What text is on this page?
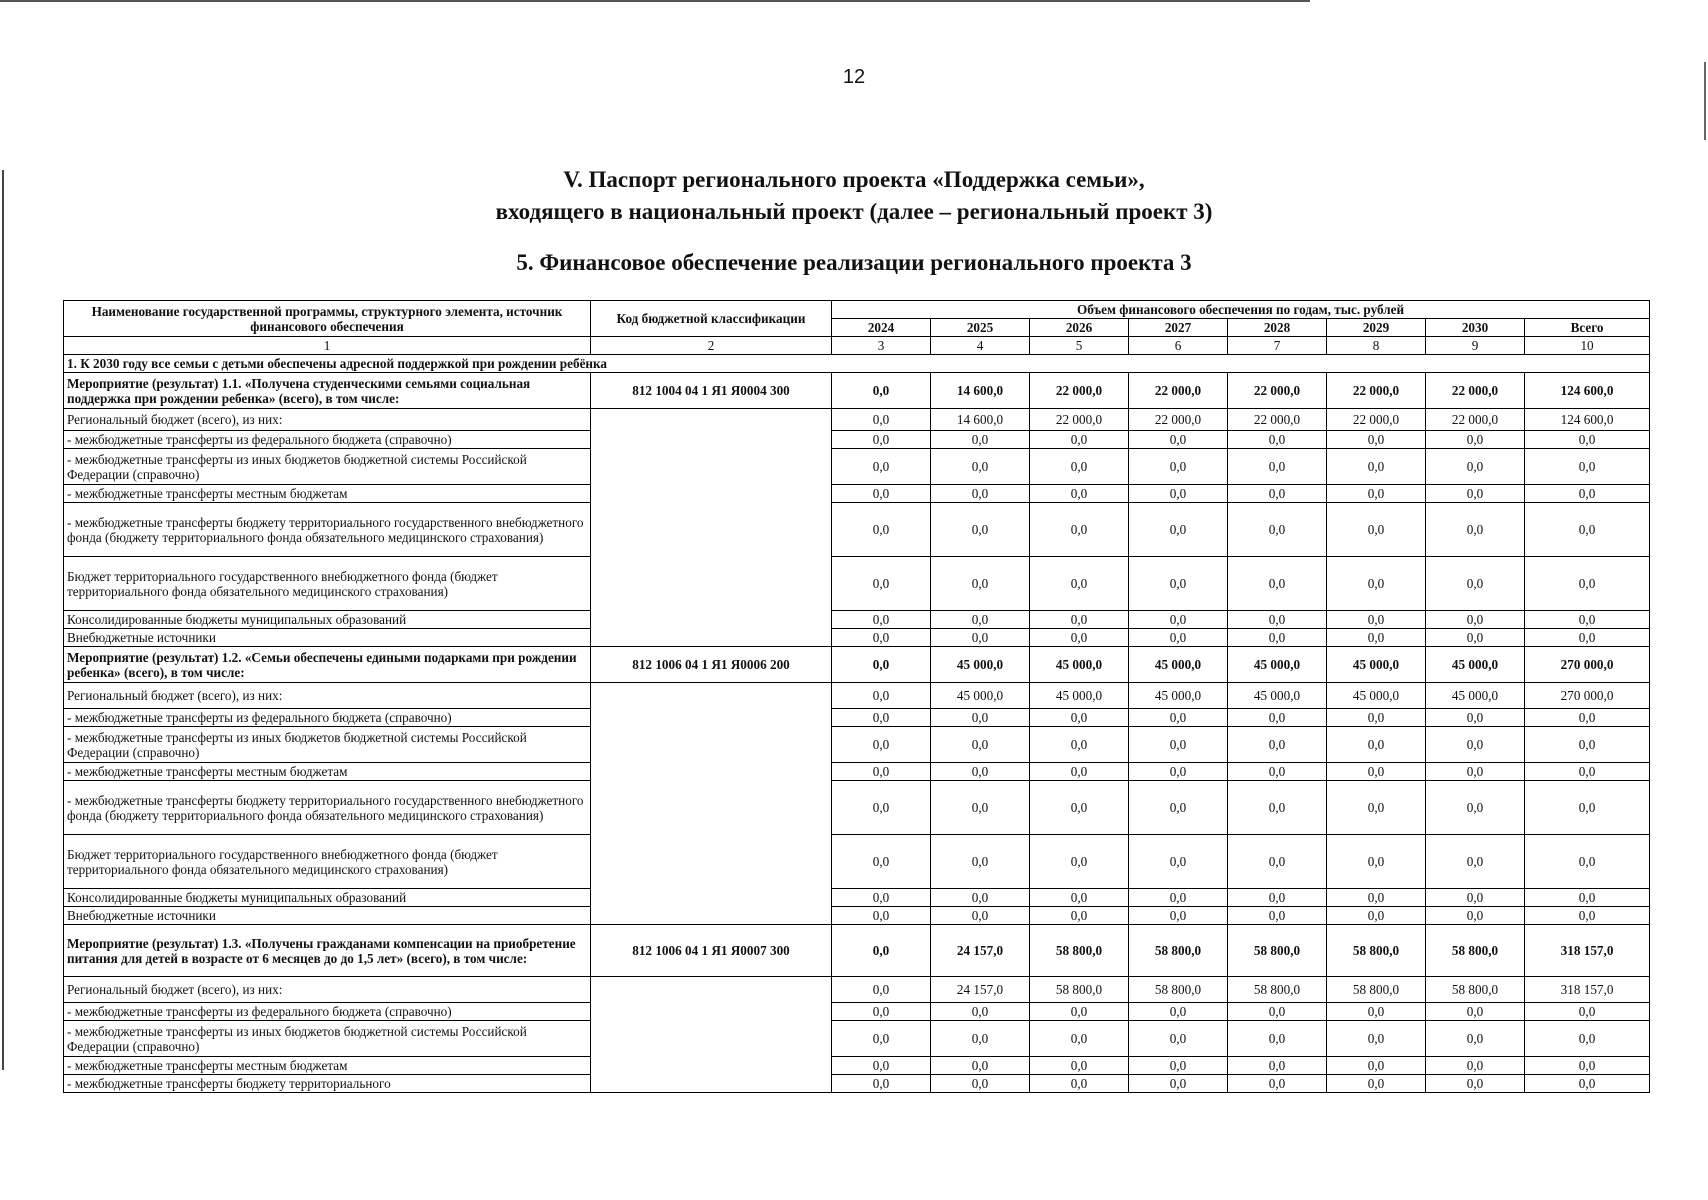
12
V. Паспорт регионального проекта «Поддержка семьи»,
входящего в национальный проект (далее – региональный проект 3)
5. Финансовое обеспечение реализации регионального проекта 3
Наименование государственной программы, структурного элемента, источник финансового обеспечения	Код бюджетной классификации	Объем финансового обеспечения по годам, тыс. рублей							
		2024	2025	2026	2027	2028	2029	2030	Всего
1	2	3	4	5	6	7	8	9	10
1. К 2030 году все семьи с детьми обеспечены адресной поддержкой при рождении ребёнка									
Мероприятие (результат) 1.1. «Получена студенческими семьями социальная поддержка при рождении ребенка» (всего), в том числе:	812 1004 04 1 Я1 Я0004 300	0,0	14 600,0	22 000,0	22 000,0	22 000,0	22 000,0	22 000,0	124 600,0
Региональный бюджет (всего), из них:		0,0	14 600,0	22 000,0	22 000,0	22 000,0	22 000,0	22 000,0	124 600,0
- межбюджетные трансферты из федерального бюджета (справочно)		0,0	0,0	0,0	0,0	0,0	0,0	0,0	0,0
- межбюджетные трансферты из иных бюджетов бюджетной системы Российской Федерации (справочно)		0,0	0,0	0,0	0,0	0,0	0,0	0,0	0,0
- межбюджетные трансферты местным бюджетам		0,0	0,0	0,0	0,0	0,0	0,0	0,0	0,0
- межбюджетные трансферты бюджету территориального государственного внебюджетного фонда (бюджету территориального фонда обязательного медицинского страхования)		0,0	0,0	0,0	0,0	0,0	0,0	0,0	0,0
Бюджет территориального государственного внебюджетного фонда (бюджет территориального фонда обязательного медицинского страхования)		0,0	0,0	0,0	0,0	0,0	0,0	0,0	0,0
Консолидированные бюджеты муниципальных образований		0,0	0,0	0,0	0,0	0,0	0,0	0,0	0,0
Внебюджетные источники		0,0	0,0	0,0	0,0	0,0	0,0	0,0	0,0
Мероприятие (результат) 1.2. «Семьи обеспечены едиными подарками при рождении ребенка» (всего), в том числе:	812 1006 04 1 Я1 Я0006 200	0,0	45 000,0	45 000,0	45 000,0	45 000,0	45 000,0	45 000,0	270 000,0
Региональный бюджет (всего), из них:		0,0	45 000,0	45 000,0	45 000,0	45 000,0	45 000,0	45 000,0	270 000,0
- межбюджетные трансферты из федерального бюджета (справочно)		0,0	0,0	0,0	0,0	0,0	0,0	0,0	0,0
- межбюджетные трансферты из иных бюджетов бюджетной системы Российской Федерации (справочно)		0,0	0,0	0,0	0,0	0,0	0,0	0,0	0,0
- межбюджетные трансферты местным бюджетам		0,0	0,0	0,0	0,0	0,0	0,0	0,0	0,0
- межбюджетные трансферты бюджету территориального государственного внебюджетного фонда (бюджету территориального фонда обязательного медицинского страхования)		0,0	0,0	0,0	0,0	0,0	0,0	0,0	0,0
Бюджет территориального государственного внебюджетного фонда (бюджет территориального фонда обязательного медицинского страхования)		0,0	0,0	0,0	0,0	0,0	0,0	0,0	0,0
Консолидированные бюджеты муниципальных образований		0,0	0,0	0,0	0,0	0,0	0,0	0,0	0,0
Внебюджетные источники		0,0	0,0	0,0	0,0	0,0	0,0	0,0	0,0
Мероприятие (результат) 1.3. «Получены гражданами компенсации на приобретение питания для детей в возрасте от 6 месяцев до до 1,5 лет» (всего), в том числе:	812 1006 04 1 Я1 Я0007 300	0,0	24 157,0	58 800,0	58 800,0	58 800,0	58 800,0	58 800,0	318 157,0
Региональный бюджет (всего), из них:		0,0	24 157,0	58 800,0	58 800,0	58 800,0	58 800,0	58 800,0	318 157,0
- межбюджетные трансферты из федерального бюджета (справочно)		0,0	0,0	0,0	0,0	0,0	0,0	0,0	0,0
- межбюджетные трансферты из иных бюджетов бюджетной системы Российской Федерации (справочно)		0,0	0,0	0,0	0,0	0,0	0,0	0,0	0,0
- межбюджетные трансферты местным бюджетам		0,0	0,0	0,0	0,0	0,0	0,0	0,0	0,0
- межбюджетные трансферты бюджету территориального		0,0	0,0	0,0	0,0	0,0	0,0	0,0	0,0
